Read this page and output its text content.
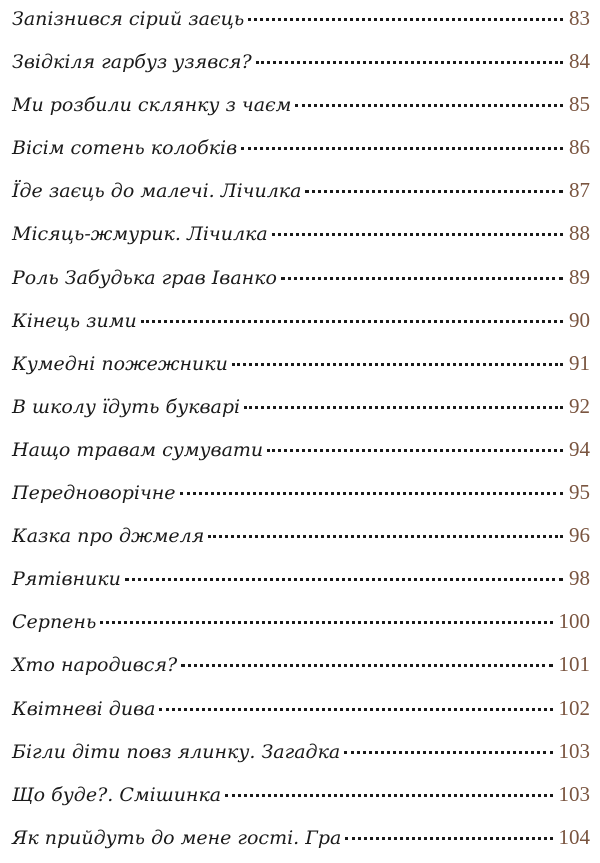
Запізнився сірий заєць	83
Звідкіля гарбуз узявся?	84
Ми розбили склянку з чаєм	85
Вісім сотень колобків	86
Їде заєць до малечі. Лічилка	87
Місяць-жмурик. Лічилка	88
Роль Забудька грав Іванко	89
Кінець зими	90
Кумедні пожежники	91
В школу їдуть букварі	92
Нащо травам сумувати	94
Передноворічне	95
Казка про джмеля	96
Рятівники	98
Серпень	100
Хто народився?	101
Квітневі дива	102
Бігли діти повз ялинку. Загадка	103
Що буде?. Смішинка	103
Як прийдуть до мене гості. Гра	104
